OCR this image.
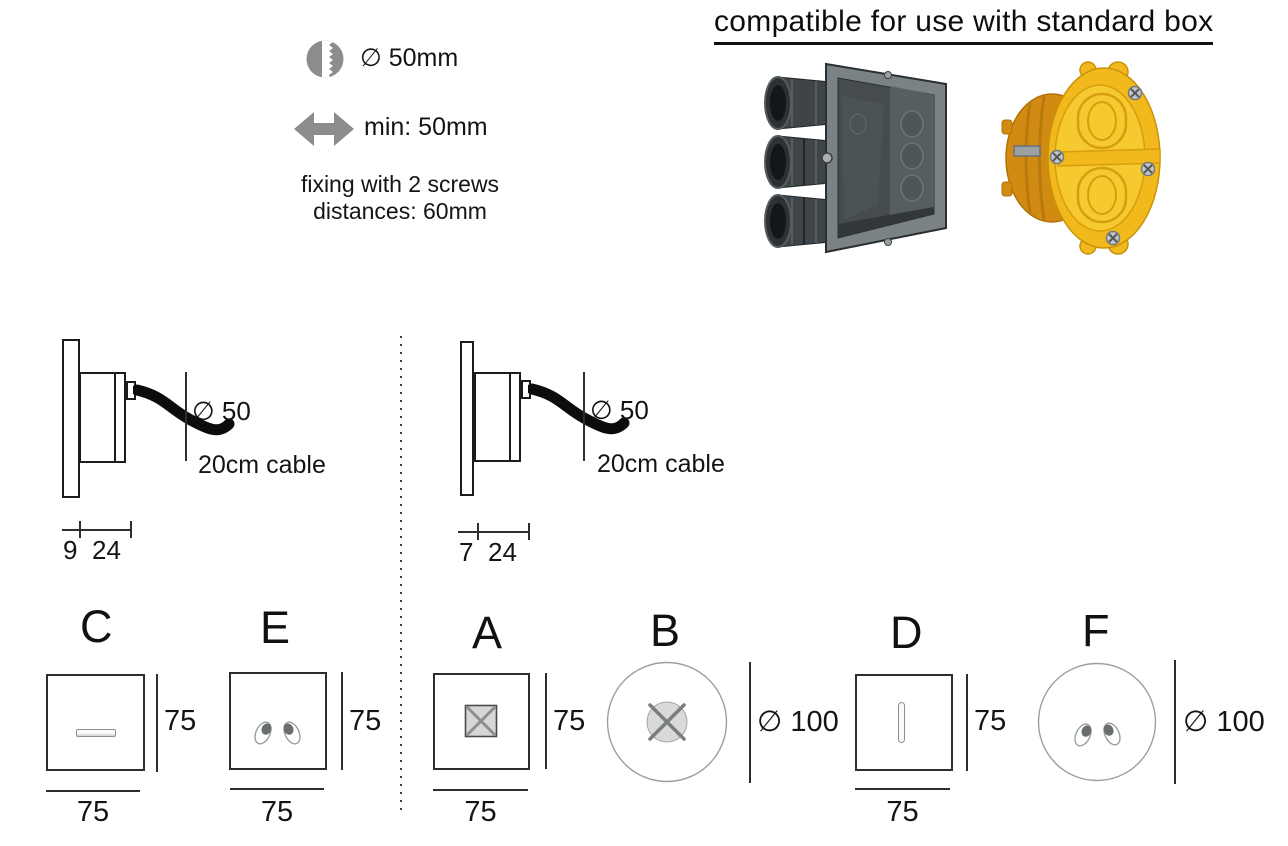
∅ 50mm
min: 50mm
fixing with 2 screws
distances: 60mm
compatible for use with standard box
∅ 50
20cm cable
9 24
∅ 50
20cm cable
7 24
C
75
75
E
75
75
A
75
75
B
∅ 100
D
75
75
F
∅ 100
